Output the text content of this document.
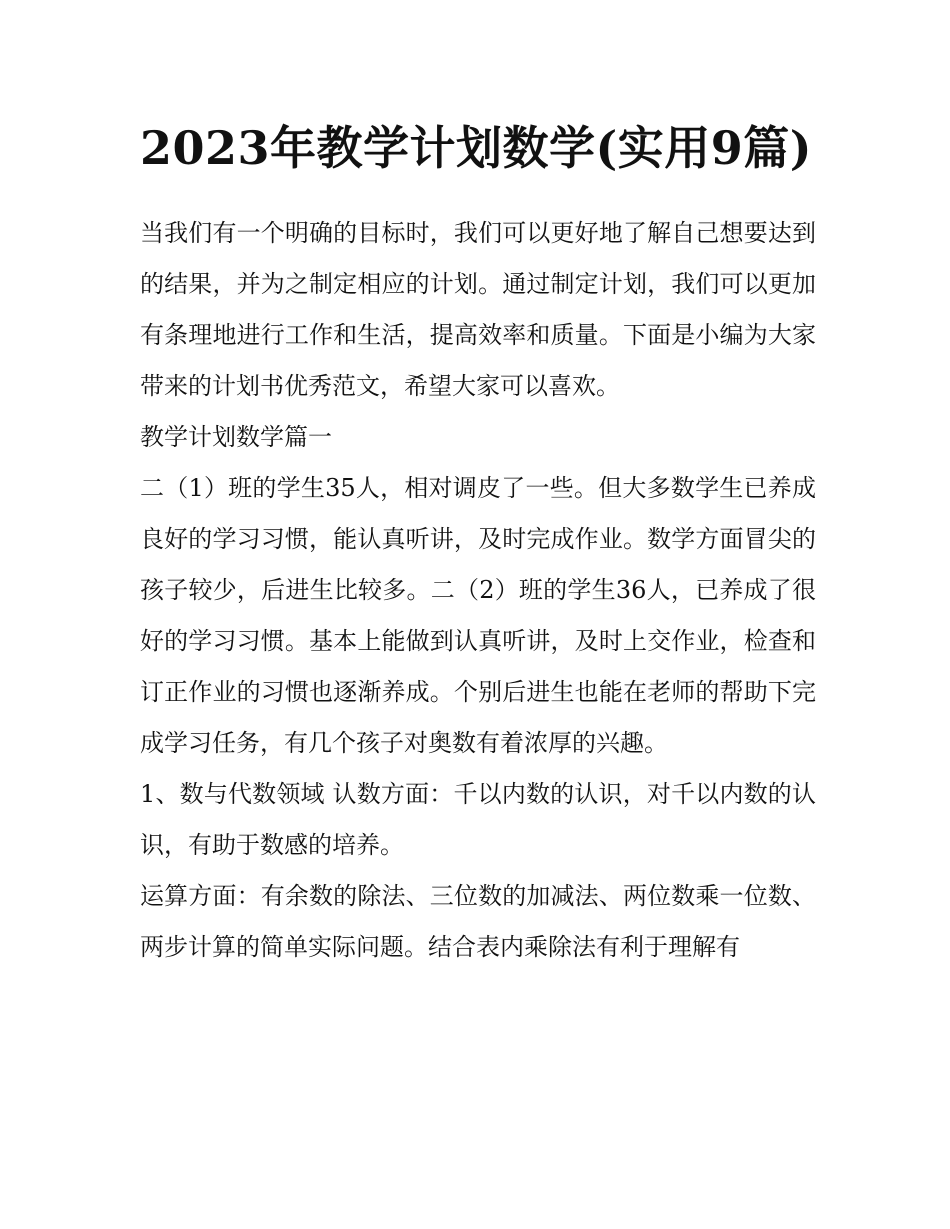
2023年教学计划数学(实用9篇)

当我们有一个明确的目标时，我们可以更好地了解自己想要达到的结果，并为之制定相应的计划。通过制定计划，我们可以更加有条理地进行工作和生活，提高效率和质量。下面是小编为大家带来的计划书优秀范文，希望大家可以喜欢。

教学计划数学篇一

二（1）班的学生35人，相对调皮了一些。但大多数学生已养成良好的学习习惯，能认真听讲，及时完成作业。数学方面冒尖的孩子较少，后进生比较多。二（2）班的学生36人，已养成了很好的学习习惯。基本上能做到认真听讲，及时上交作业，检查和订正作业的习惯也逐渐养成。个别后进生也能在老师的帮助下完成学习任务，有几个孩子对奥数有着浓厚的兴趣。

1、数与代数领域 认数方面：千以内数的认识，对千以内数的认识，有助于数感的培养。

运算方面：有余数的除法、三位数的加减法、两位数乘一位数、两步计算的简单实际问题。结合表内乘除法有利于理解有
